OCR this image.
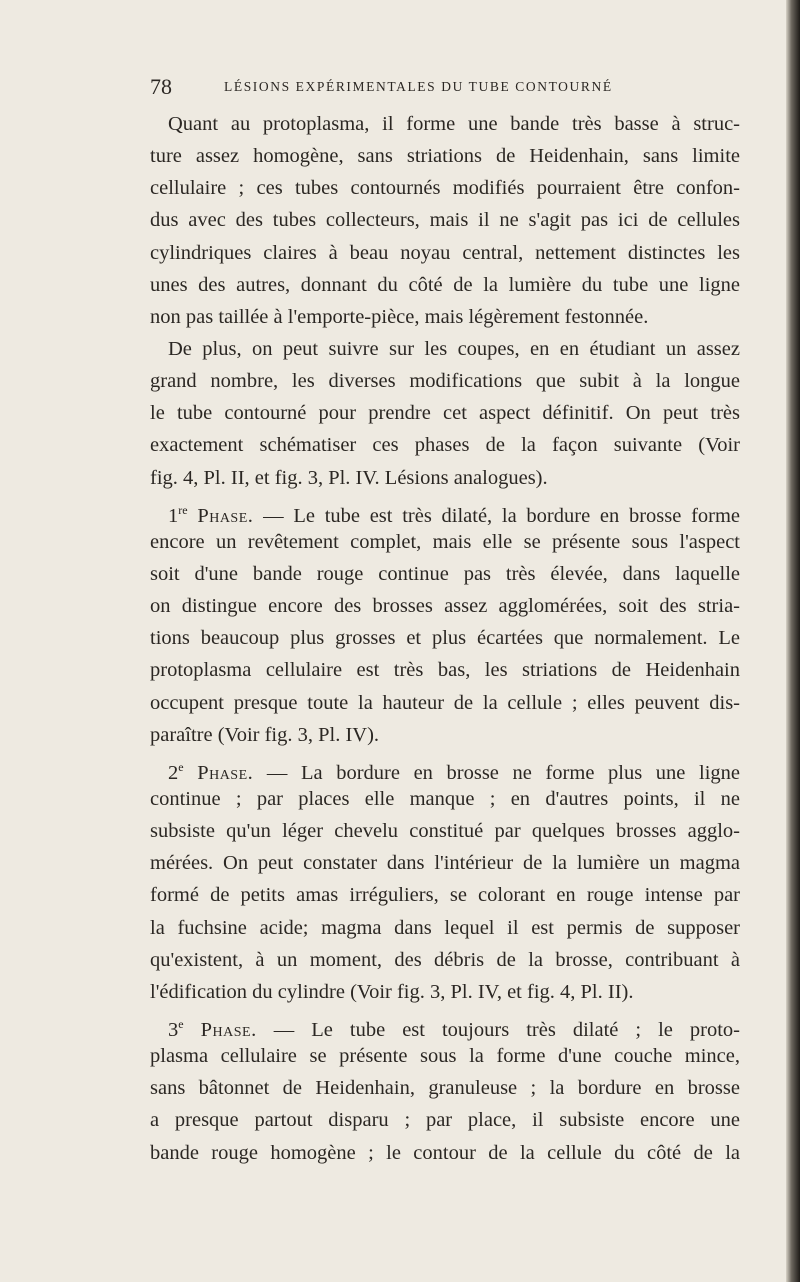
78	LÉSIONS EXPÉRIMENTALES DU TUBE CONTOURNÉ
Quant au protoplasma, il forme une bande très basse à struc-
ture assez homogène, sans striations de Heidenhain, sans limite
cellulaire ; ces tubes contournés modifiés pourraient être confon-
dus avec des tubes collecteurs, mais il ne s'agit pas ici de cellules
cylindriques claires à beau noyau central, nettement distinctes les
unes des autres, donnant du côté de la lumière du tube une ligne
non pas taillée à l'emporte-pièce, mais légèrement festonnée.
De plus, on peut suivre sur les coupes, en en étudiant un assez
grand nombre, les diverses modifications que subit à la longue
le tube contourné pour prendre cet aspect définitif. On peut très
exactement schématiser ces phases de la façon suivante (Voir
fig. 4, Pl. II, et fig. 3, Pl. IV. Lésions analogues).
1re Phase. — Le tube est très dilaté, la bordure en brosse forme
encore un revêtement complet, mais elle se présente sous l'aspect
soit d'une bande rouge continue pas très élevée, dans laquelle
on distingue encore des brosses assez agglomérées, soit des stria-
tions beaucoup plus grosses et plus écartées que normalement. Le
protoplasma cellulaire est très bas, les striations de Heidenhain
occupent presque toute la hauteur de la cellule ; elles peuvent dis-
paraître (Voir fig. 3, Pl. IV).
2e Phase. — La bordure en brosse ne forme plus une ligne
continue ; par places elle manque ; en d'autres points, il ne
subsiste qu'un léger chevelu constitué par quelques brosses agglo-
mérées. On peut constater dans l'intérieur de la lumière un magma
formé de petits amas irréguliers, se colorant en rouge intense par
la fuchsine acide; magma dans lequel il est permis de supposer
qu'existent, à un moment, des débris de la brosse, contribuant à
l'édification du cylindre (Voir fig. 3, Pl. IV, et fig. 4, Pl. II).
3e Phase. — Le tube est toujours très dilaté ; le proto-
plasma cellulaire se présente sous la forme d'une couche mince,
sans bâtonnet de Heidenhain, granuleuse ; la bordure en brosse
a presque partout disparu ; par place, il subsiste encore une
bande rouge homogène ; le contour de la cellule du côté de la
